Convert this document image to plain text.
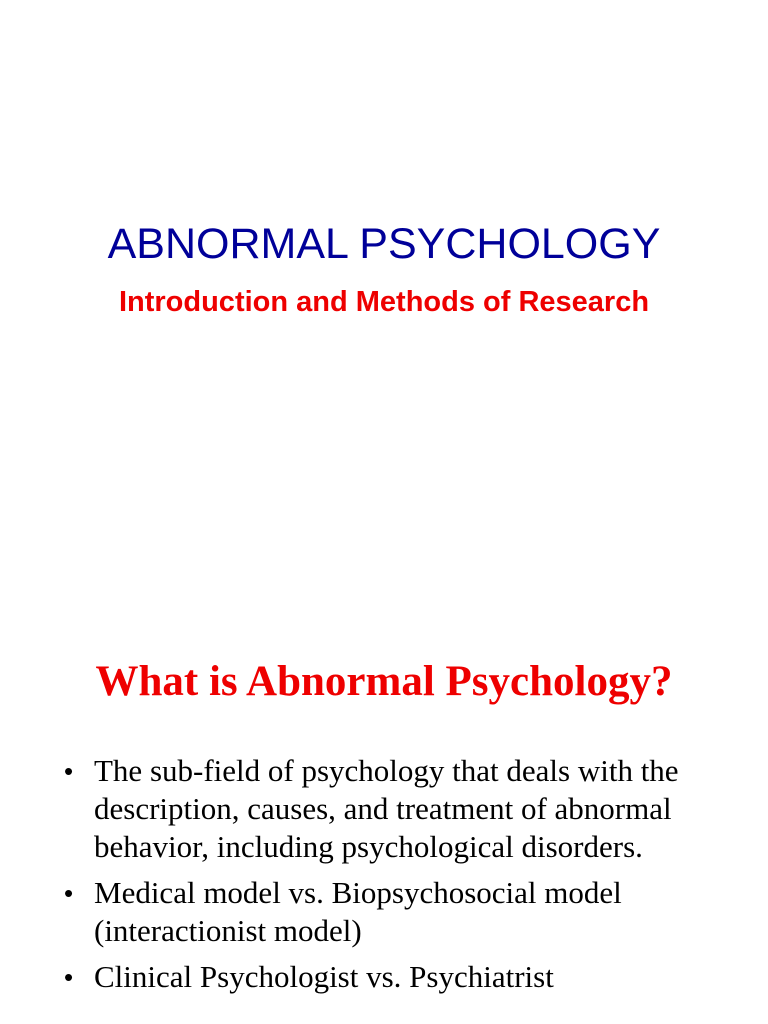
ABNORMAL PSYCHOLOGY
Introduction and Methods of Research
What is Abnormal Psychology?
• The sub-field of psychology that deals with the description, causes, and treatment of abnormal behavior, including psychological disorders.
• Medical model vs. Biopsychosocial model (interactionist model)
• Clinical Psychologist vs. Psychiatrist
